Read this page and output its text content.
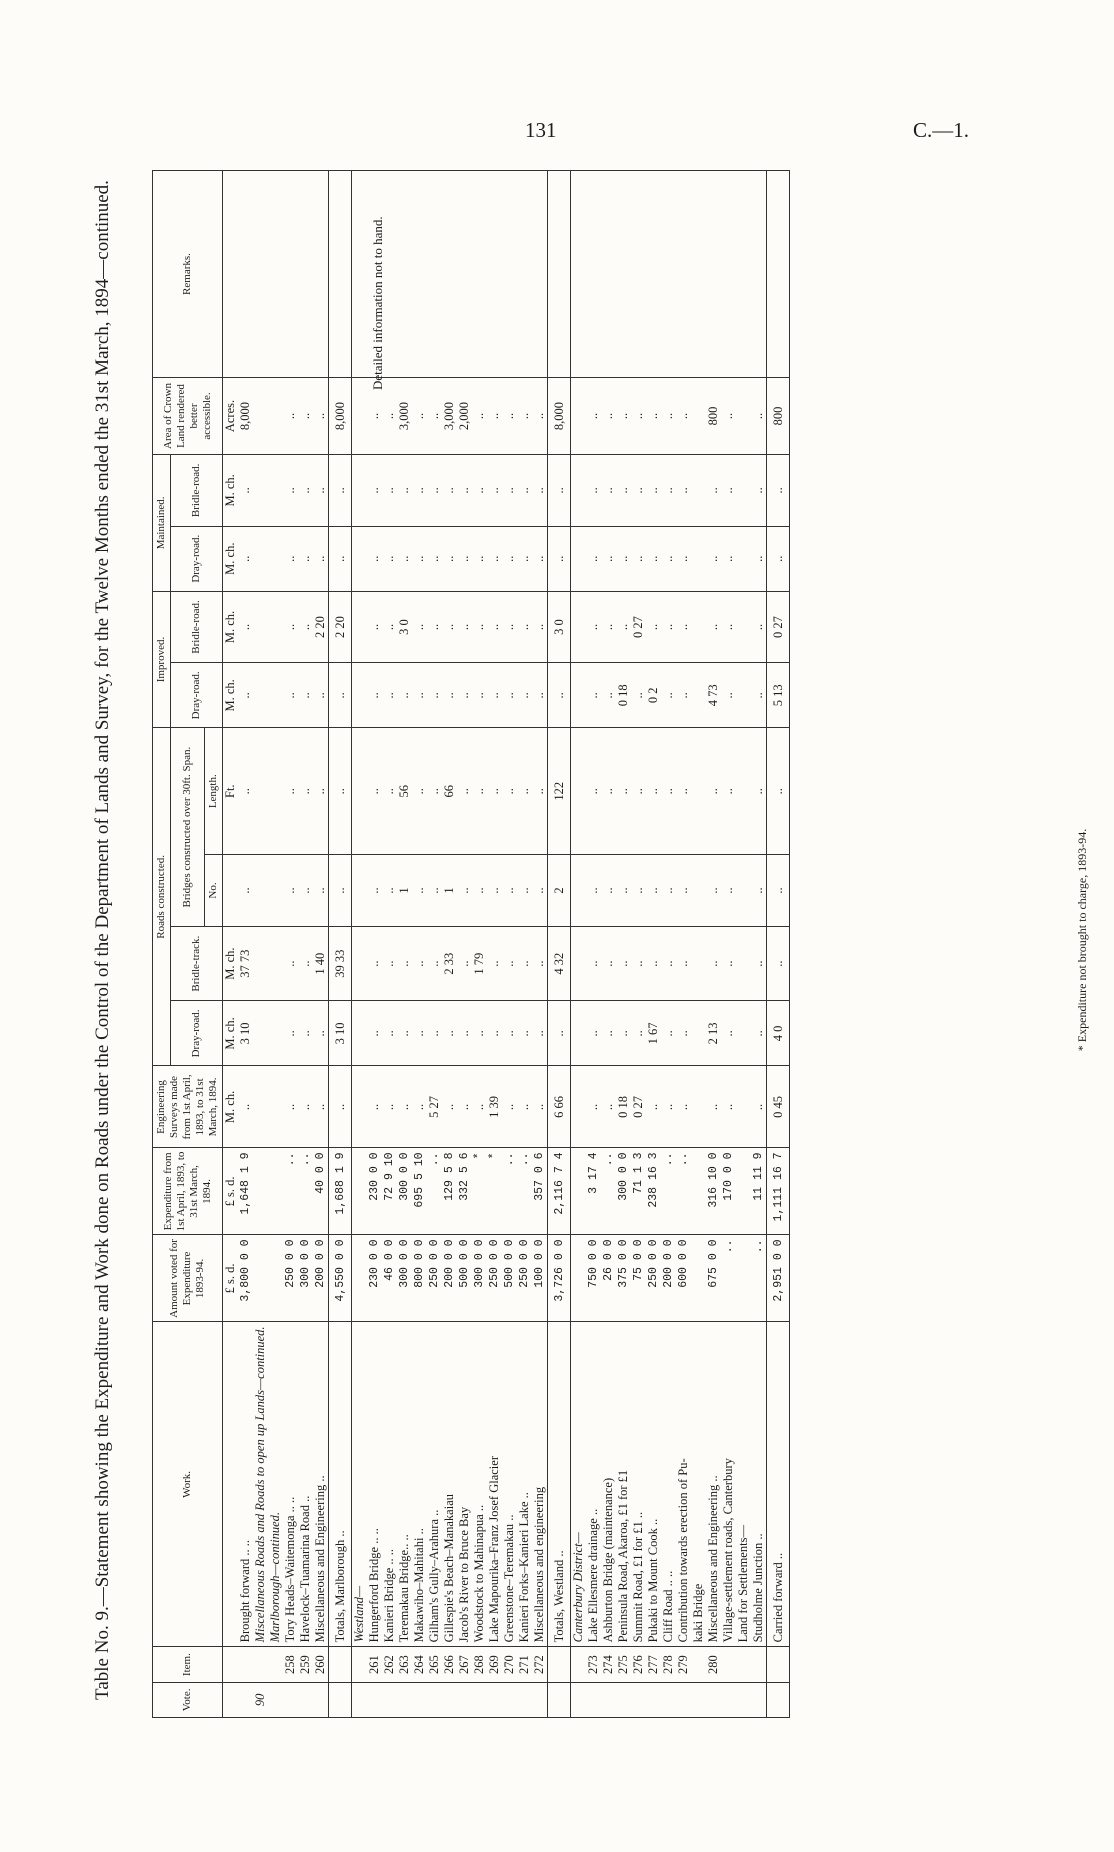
131	C.—1.
Table No. 9.—Statement showing the Expenditure and Work done on Roads under the Control of the Department of Lands and Survey, for the Twelve Months ended the 31st March, 1894—continued.	Vote.	Item.	Work.	Amount voted for Expenditure 1893-94.	Expenditure from 1st April, 1893, to 31st March, 1894.	Engineering Surveys made from 1st April, 1893, to 31st March, 1894.	Roads constructed.				Improved.		Maintained.		Area of Crown Land rendered better accessible.	Remarks.
						Dray-road.	Bridle-track.	Bridges constructed over 30ft. Span.		Dray-road.	Bridle-road.	Dray-road.	Bridle-road.		
								No.	Length.						
			£ s. d.	£ s. d.	M. ch.	M. ch.	M. ch.		Ft.	M. ch.	M. ch.	M. ch.	M. ch.	Acres.	
		Brought forward .. ..	3,800 0 0	1,648 1 9	..	3 10	37 73	..	..	..	..	..	..	8,000	
90		Miscellaneous Roads and Roads to open up Lands—continued.													
		Marlborough—continued.													
	258	Tory Heads–Waitemonga .. ..	250 0 0	..	..	..	..	..	..	..	..	..	..	..	
	259	Havelock–Tuamarina Road ..	300 0 0	..	..	..	..	..	..	..	..	..	..	..	
	260	Miscellaneous and Engineering ..	200 0 0	40 0 0	..	..	1 40	..	..	..	2 20	..	..	..	
		Totals, Marlborough ..	4,550 0 0	1,688 1 9	..	3 10	39 33	..	..	..	2 20	..	..	8,000	
		Westland—													
	261	Hungerford Bridge .. ..	230 0 0	230 0 0	..	..	..	..	..	..	..	..	..	..	
	262	Kanieri Bridge .. ..	46 0 0	72 9 10	..	..	..	..	..	..	..	..	..	..	
	263	Teremakau Bridge.. ..	300 0 0	300 0 0	..	..	..	1	56	..	3 0	..	..	3,000	
	264	Makawiho–Mahitahi ..	800 0 0	695 5 10	..	..	..	..	..	..	..	..	..	..	
	265	Gilham's Gully–Arahura ..	250 0 0	..	5 27	..	..	..	..	..	..	..	..	..	
	266	Gillespie's Beach–Manakaiau	200 0 0	129 5 8	..	..	2 33	1	66	..	..	..	..	3,000	
	267	Jacob's River to Bruce Bay	500 0 0	332 5 6	..	..	..	..	..	..	..	..	..	2,000	
	268	Woodstock to Mahinapua ..	300 0 0	*	..	..	1 79	..	..	..	..	..	..	..	
	269	Lake Mapourika–Franz Josef Glacier	250 0 0	*	1 39	..	..	..	..	..	..	..	..	..	
	270	Greenstone–Teremakau ..	500 0 0	..	..	..	..	..	..	..	..	..	..	..	
	271	Kanieri Forks–Kanieri Lake ..	250 0 0	..	..	..	..	..	..	..	..	..	..	..	
	272	Miscellaneous and engineering	100 0 0	357 0 6	..	..	..	..	..	..	..	..	..	..	
		Totals, Westland ..	3,726 0 0	2,116 7 4	6 66	..	4 32	2	122	..	3 0	..	..	8,000	
		Canterbury District—													
	273	Lake Ellesmere drainage ..	750 0 0	3 17 4	..	..	..	..	..	..	..	..	..	..	
	274	Ashburton Bridge (maintenance)	26 0 0	..	..	..	..	..	..	..	..	..	..	..	
	275	Peninsula Road, Akaroa, £1 for £1	375 0 0	300 0 0	0 18	..	..	..	..	0 18	..	..	..	..	
	276	Summit Road, £1 for £1 ..	75 0 0	71 1 3	0 27	..	..	..	..	..	0 27	..	..	..	
	277	Pukaki to Mount Cook ..	250 0 0	238 16 3	..	1 67	..	..	..	0 2	..	..	..	..	
	278	Cliff Road .. ..	200 0 0	..	..	..	..	..	..	..	..	..	..	..	
	279	Contribution towards erection of Pu-	600 0 0	..	..	..	..	..	..	..	..	..	..	..	
		kaki Bridge													
	280	Miscellaneous and Engineering ..	675 0 0	316 10 0	..	2 13	..	..	..	4 73	..	..	..	800	
		Village-settlement roads, Canterbury	..	170 0 0	..	..	..	..	..	..	..	..	..	..	
		Land for Settlements—													
		Studholme Junction ..	..	11 11 9	..	..	..	..	..	..	..	..	..	..	
		Carried forward ..	2,951 0 0	1,111 16 7	0 45	4 0	..	..	..	5 13	0 27	..	..	800	
Detailed information not to hand.
* Expenditure not brought to charge, 1893-94.
